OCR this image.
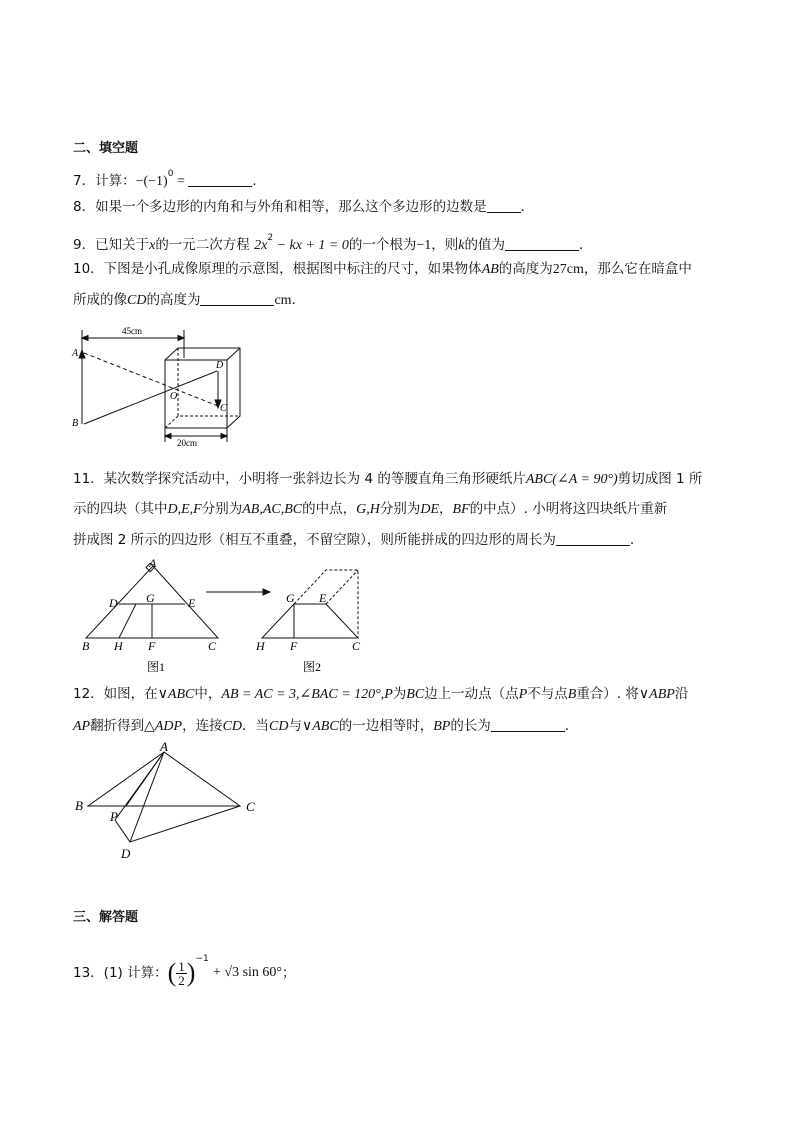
二、填空题
7．计算：$-(-1)^0$ =	.
8．如果一个多边形的内角和与外角和相等，那么这个多边形的边数是	．
9．已知关于x的一元二次方程 $2x^2$ − kx + 1 = 0的一个根为−1，则k的值为	．
10．下图是小孔成像原理的示意图，根据图中标注的尺寸，如果物体AB的高度为27cm，那么它在暗盒中
所成的像CD的高度为	cm．
45cm
20cm
A
B
O
D
C
11．某次数学探究活动中，小明将一张斜边长为 4 的等腰直角三角形硬纸片ABC(∠A = 90°)剪切成图 1 所
示的四块（其中D,E,F分别为AB,AC,BC的中点，G,H分别为DE，BF的中点）. 小明将这四块纸片重新
拼成图 2 所示的四边形（相互不重叠，不留空隙），则所能拼成的四边形的周长为	.
A
D G	E
B H F	C
G E
H F	C
图1	图2
12．如图，在∨ABC中，AB = AC = 3,∠BAC = 120°,P为BC边上一动点（点P不与点B重合）. 将∨ABP沿
AP翻折得到△ADP，连接CD．当CD与∨ABC的一边相等时，BP的长为	．
A
B	C
P
D
三、解答题
13．(1) 计算：( $\frac{1}{2} )^{-1} + √3$ sin 60°；
